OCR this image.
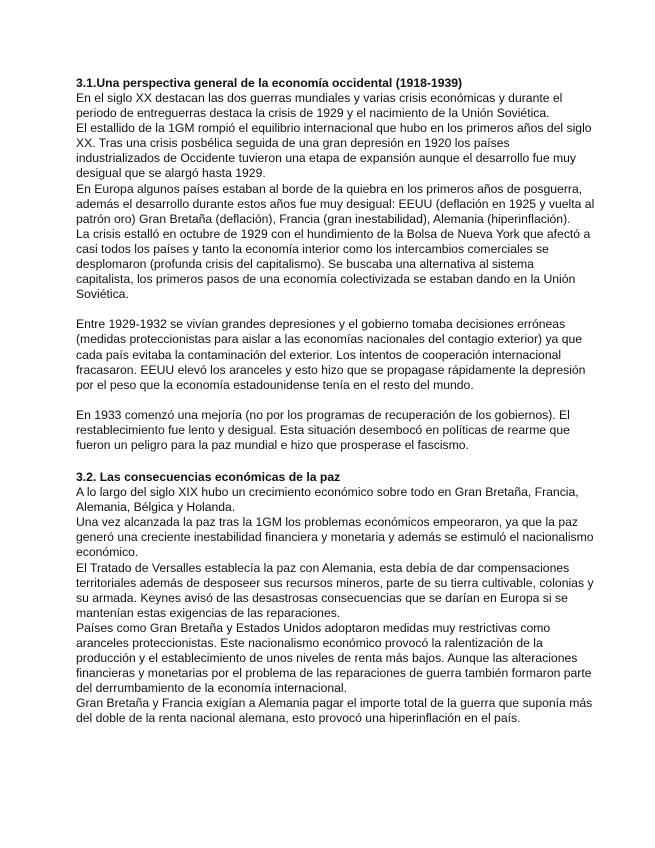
3.1.Una perspectiva general de la economía occidental (1918-1939)

En el siglo XX destacan las dos guerras mundiales y varias crisis económicas y durante el
periodo de entreguerras destaca la crisis de 1929 y el nacimiento de la Unión Soviética.

El estallido de la 1GM rompió el equilibrio internacional que hubo en los primeros años del siglo
XX. Tras una crisis posbélica seguida de una gran depresión en 1920 los países
industrializados de Occidente tuvieron una etapa de expansión aunque el desarrollo fue muy
desigual que se alargó hasta 1929.

En Europa algunos países estaban al borde de la quiebra en los primeros años de posguerra,
además el desarrollo durante estos años fue muy desigual: EEUU (deflación en 1925 y vuelta al
patrón oro) Gran Bretaña (deflación), Francia (gran inestabilidad), Alemania (hiperinflación).

La crisis estalló en octubre de 1929 con el hundimiento de la Bolsa de Nueva York que afectó a
casi todos los países y tanto la economía interior como los intercambios comerciales se
desplomaron (profunda crisis del capitalismo). Se buscaba una alternativa al sistema
capitalista, los primeros pasos de una economía colectivizada se estaban dando en la Unión
Soviética.

Entre 1929-1932 se vivían grandes depresiones y el gobierno tomaba decisiones erróneas
(medidas proteccionistas para aislar a las economías nacionales del contagio exterior) ya que
cada país evitaba la contaminación del exterior. Los intentos de cooperación internacional
fracasaron. EEUU elevó los aranceles y esto hizo que se propagase rápidamente la depresión
por el peso que la economía estadounidense tenía en el resto del mundo.

En 1933 comenzó una mejoría (no por los programas de recuperación de los gobiernos). El
restablecimiento fue lento y desigual. Esta situación desembocó en políticas de rearme que
fueron un peligro para la paz mundial e hizo que prosperase el fascismo.

3.2. Las consecuencias económicas de la paz

A lo largo del siglo XIX hubo un crecimiento económico sobre todo en Gran Bretaña, Francia,
Alemania, Bélgica y Holanda.

Una vez alcanzada la paz tras la 1GM los problemas económicos empeoraron, ya que la paz
generó una creciente inestabilidad financiera y monetaria y además se estimuló el nacionalismo
económico.

El Tratado de Versalles establecía la paz con Alemania, esta debía de dar compensaciones
territoriales además de desposeer sus recursos mineros, parte de su tierra cultivable, colonias y
su armada. Keynes avisó de las desastrosas consecuencias que se darían en Europa si se
mantenían estas exigencias de las reparaciones.

Países como Gran Bretaña y Estados Unidos adoptaron medidas muy restrictivas como
aranceles proteccionistas. Este nacionalismo económico provocó la ralentización de la
producción y el establecimiento de unos niveles de renta más bajos. Aunque las alteraciones
financieras y monetarias por el problema de las reparaciones de guerra también formaron parte
del derrumbamiento de la economía internacional.

Gran Bretaña y Francia exigían a Alemania pagar el importe total de la guerra que suponía más
del doble de la renta nacional alemana, esto provocó una hiperinflación en el país.
